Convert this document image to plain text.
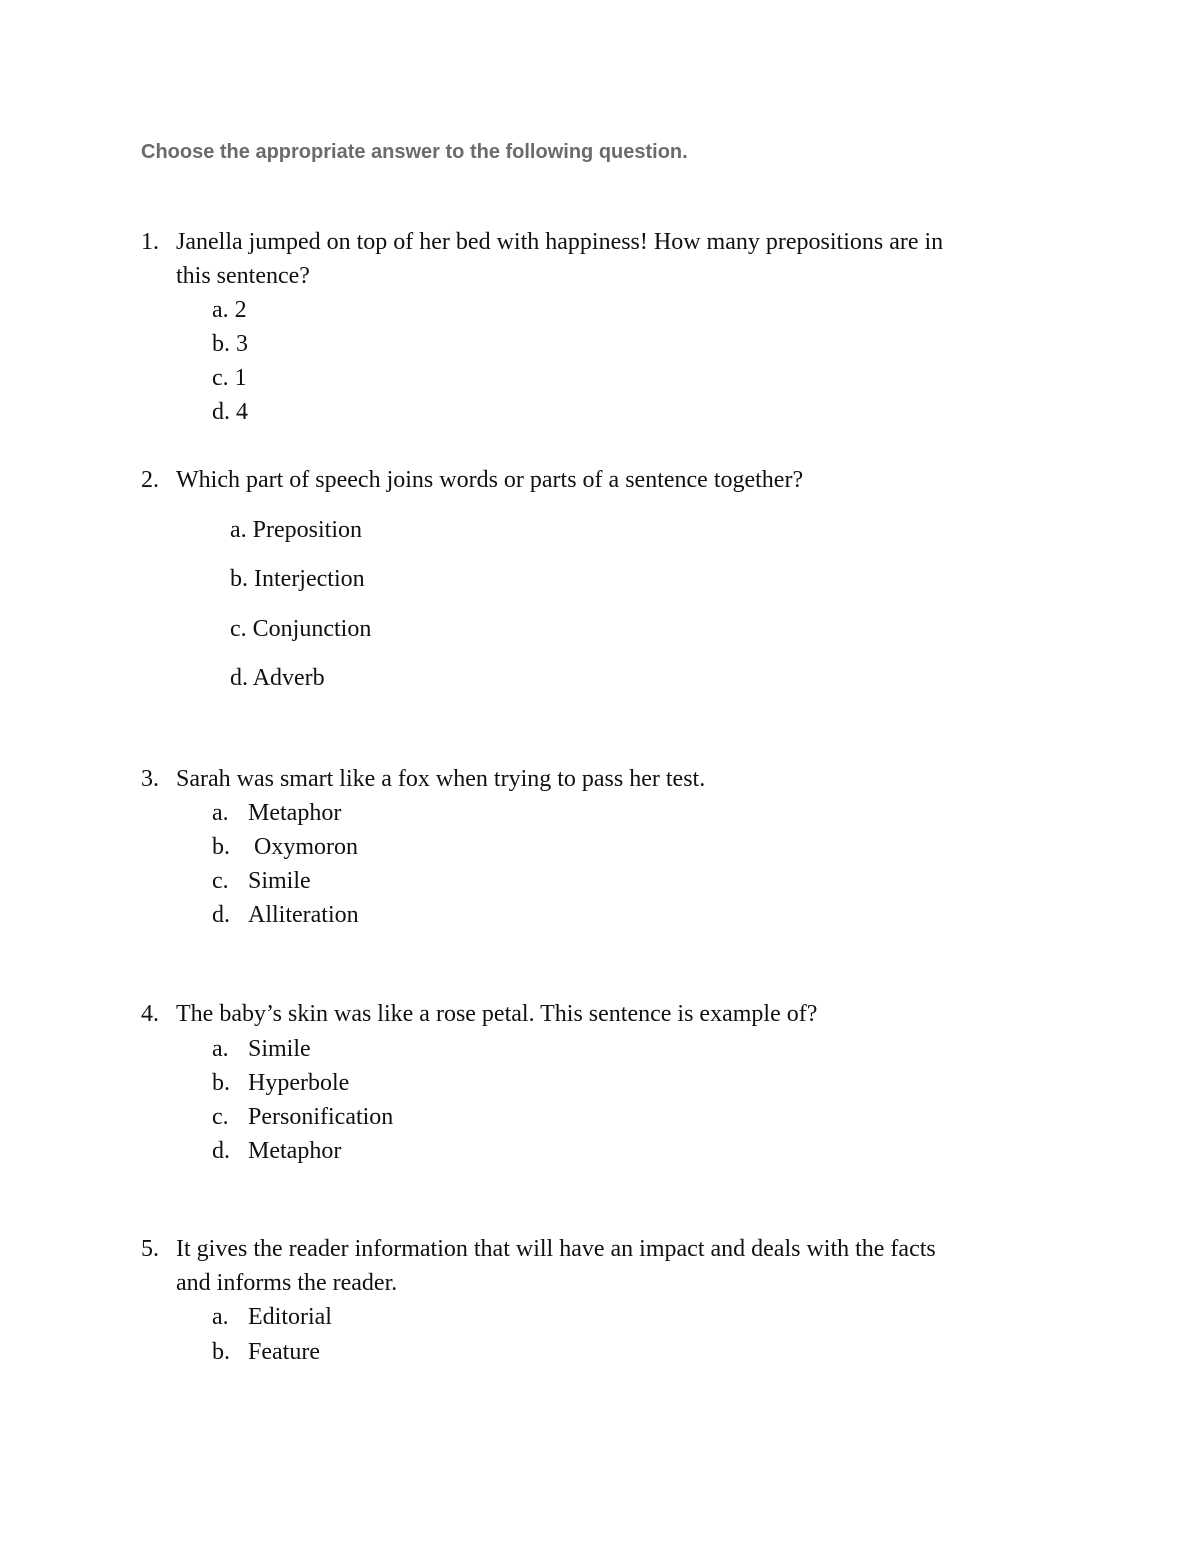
Choose the appropriate answer to the following question.
1. Janella jumped on top of her bed with happiness! How many prepositions are in
this sentence?
a. 2
b. 3
c. 1
d. 4
2. Which part of speech joins words or parts of a sentence together?
a. Preposition
b. Interjection
c. Conjunction
d. Adverb
3. Sarah was smart like a fox when trying to pass her test.
a. Metaphor
b. Oxymoron
c. Simile
d. Alliteration
4. The baby’s skin was like a rose petal. This sentence is example of?
a. Simile
b. Hyperbole
c. Personification
d. Metaphor
5. It gives the reader information that will have an impact and deals with the facts
and informs the reader.
a. Editorial
b. Feature
